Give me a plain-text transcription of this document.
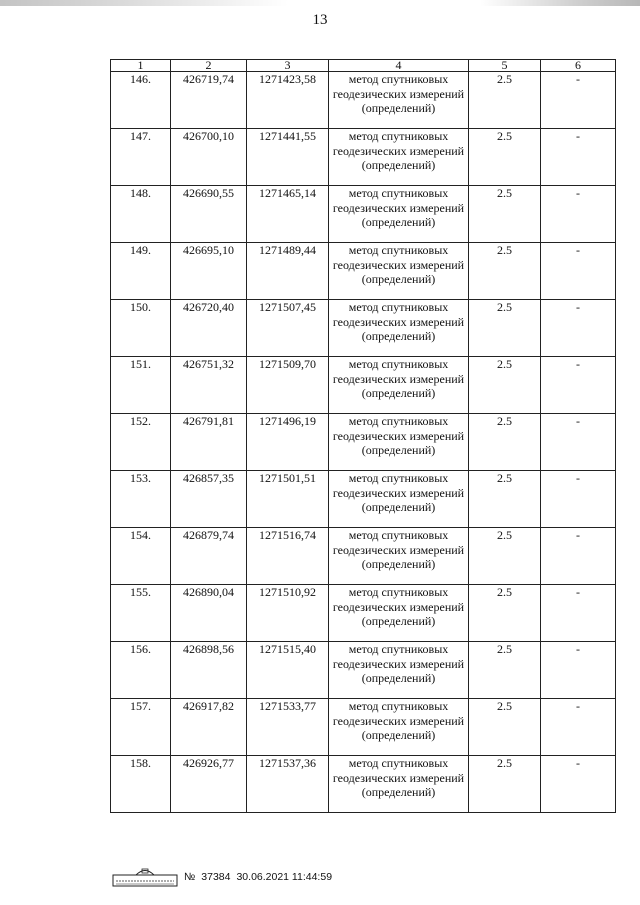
13
1	2	3	4	5	6
146.	426719,74	1271423,58	метод спутниковых геодезических измерений (определений)	2.5	-
147.	426700,10	1271441,55	метод спутниковых геодезических измерений (определений)	2.5	-
148.	426690,55	1271465,14	метод спутниковых геодезических измерений (определений)	2.5	-
149.	426695,10	1271489,44	метод спутниковых геодезических измерений (определений)	2.5	-
150.	426720,40	1271507,45	метод спутниковых геодезических измерений (определений)	2.5	-
151.	426751,32	1271509,70	метод спутниковых геодезических измерений (определений)	2.5	-
152.	426791,81	1271496,19	метод спутниковых геодезических измерений (определений)	2.5	-
153.	426857,35	1271501,51	метод спутниковых геодезических измерений (определений)	2.5	-
154.	426879,74	1271516,74	метод спутниковых геодезических измерений (определений)	2.5	-
155.	426890,04	1271510,92	метод спутниковых геодезических измерений (определений)	2.5	-
156.	426898,56	1271515,40	метод спутниковых геодезических измерений (определений)	2.5	-
157.	426917,82	1271533,77	метод спутниковых геодезических измерений (определений)	2.5	-
158.	426926,77	1271537,36	метод спутниковых геодезических измерений (определений)	2.5	-
№ 37384 30.06.2021 11:44:59
